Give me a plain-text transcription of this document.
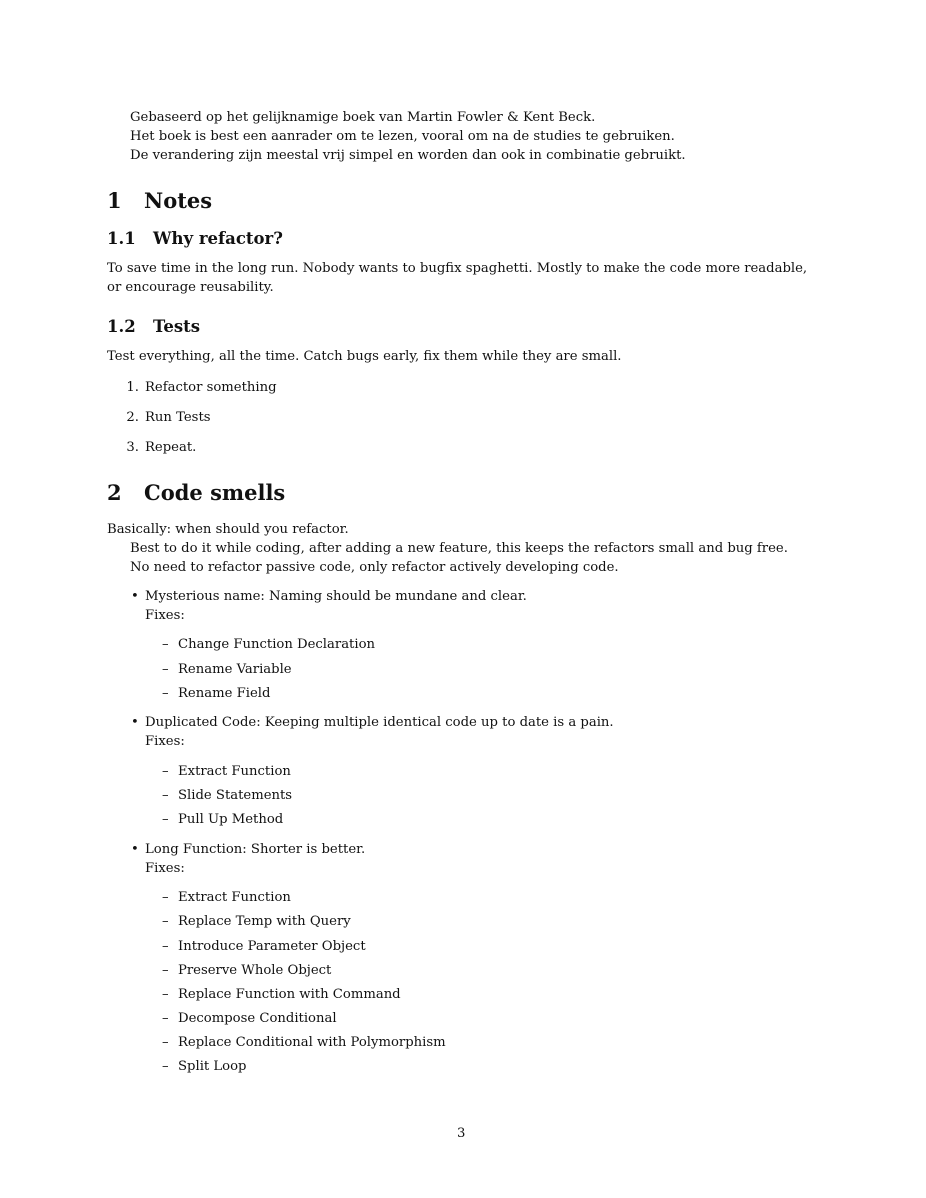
Gebaseerd op het gelijknamige boek van Martin Fowler & Kent Beck.
Het boek is best een aanrader om te lezen, vooral om na de studies te gebruiken.
De verandering zijn meestal vrij simpel en worden dan ook in combinatie gebruikt.
1 Notes
1.1 Why refactor?
To save time in the long run. Nobody wants to bugfix spaghetti. Mostly to make the code more readable, or encourage reusability.
1.2 Tests
Test everything, all the time. Catch bugs early, fix them while they are small.
1. Refactor something
2. Run Tests
3. Repeat.
2 Code smells
Basically: when should you refactor.
Best to do it while coding, after adding a new feature, this keeps the refactors small and bug free.
No need to refactor passive code, only refactor actively developing code.
• Mysterious name: Naming should be mundane and clear.
Fixes:
– Change Function Declaration
– Rename Variable
– Rename Field
• Duplicated Code: Keeping multiple identical code up to date is a pain.
Fixes:
– Extract Function
– Slide Statements
– Pull Up Method
• Long Function: Shorter is better.
Fixes:
– Extract Function
– Replace Temp with Query
– Introduce Parameter Object
– Preserve Whole Object
– Replace Function with Command
– Decompose Conditional
– Replace Conditional with Polymorphism
– Split Loop
3
